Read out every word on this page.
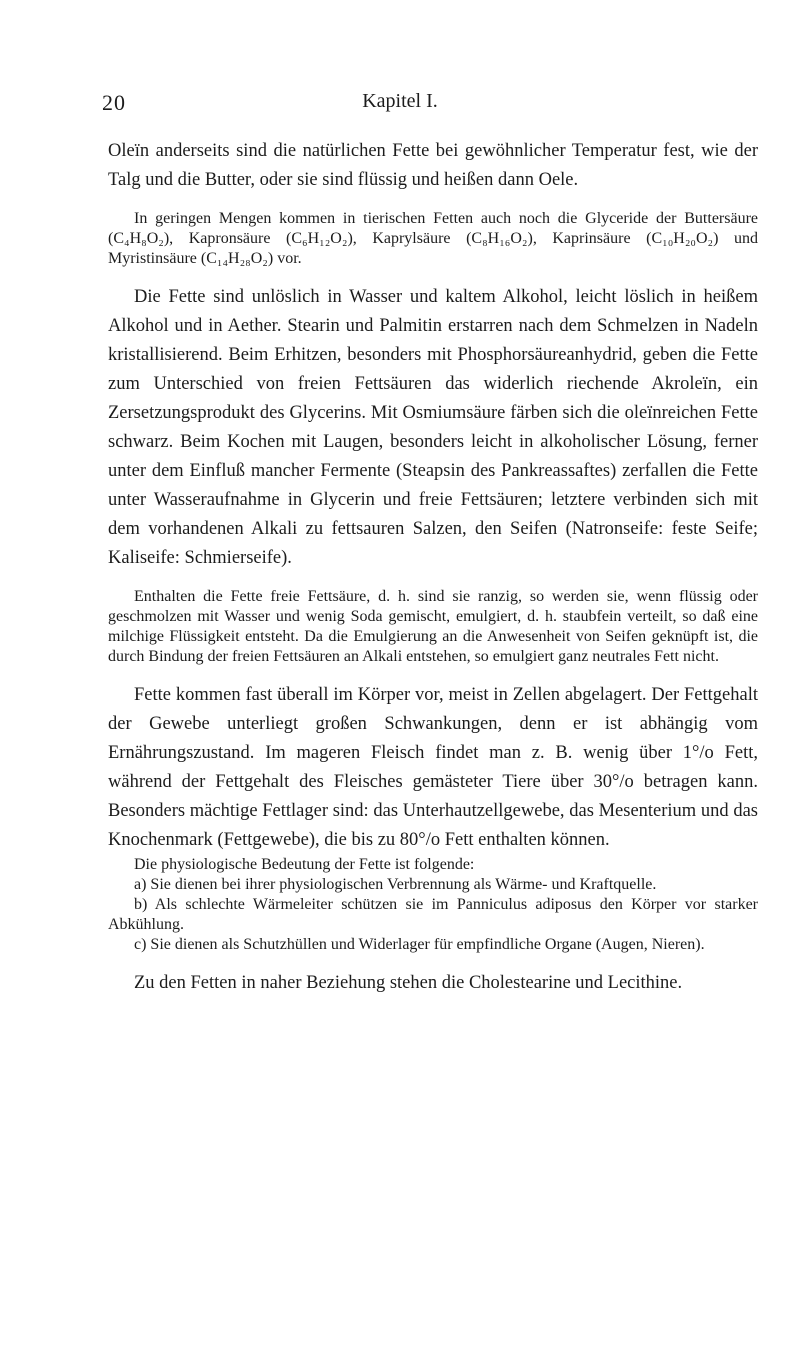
20	Kapitel I.

Oleïn anderseits sind die natürlichen Fette bei gewöhnlicher Temperatur fest, wie der Talg und die Butter, oder sie sind flüssig und heißen dann Oele.

In geringen Mengen kommen in tierischen Fetten auch noch die Glyceride der Buttersäure (C₄H₈O₂), Kapronsäure (C₆H₁₂O₂), Kaprylsäure (C₈H₁₆O₂), Kaprinsäure (C₁₀H₂₀O₂) und Myristinsäure (C₁₄H₂₈O₂) vor.

Die Fette sind unlöslich in Wasser und kaltem Alkohol, leicht löslich in heißem Alkohol und in Aether. Stearin und Palmitin erstarren nach dem Schmelzen in Nadeln kristallisierend. Beim Erhitzen, besonders mit Phosphorsäureanhydrid, geben die Fette zum Unterschied von freien Fettsäuren das widerlich riechende Akroleïn, ein Zersetzungsprodukt des Glycerins. Mit Osmiumsäure färben sich die oleïnreichen Fette schwarz. Beim Kochen mit Laugen, besonders leicht in alkoholischer Lösung, ferner unter dem Einfluß mancher Fermente (Steapsin des Pankreassaftes) zerfallen die Fette unter Wasseraufnahme in Glycerin und freie Fettsäuren; letztere verbinden sich mit dem vorhandenen Alkali zu fettsauren Salzen, den Seifen (Natronseife: feste Seife; Kaliseife: Schmierseife).

Enthalten die Fette freie Fettsäure, d. h. sind sie ranzig, so werden sie, wenn flüssig oder geschmolzen mit Wasser und wenig Soda gemischt, emulgiert, d. h. staubfein verteilt, so daß eine milchige Flüssigkeit entsteht. Da die Emulgierung an die Anwesenheit von Seifen geknüpft ist, die durch Bindung der freien Fettsäuren an Alkali entstehen, so emulgiert ganz neutrales Fett nicht.

Fette kommen fast überall im Körper vor, meist in Zellen abgelagert. Der Fettgehalt der Gewebe unterliegt großen Schwankungen, denn er ist abhängig vom Ernährungszustand. Im mageren Fleisch findet man z. B. wenig über 1°/o Fett, während der Fettgehalt des Fleisches gemästeter Tiere über 30°/o betragen kann. Besonders mächtige Fettlager sind: das Unterhautzellgewebe, das Mesenterium und das Knochenmark (Fettgewebe), die bis zu 80°/o Fett enthalten können.

Die physiologische Bedeutung der Fette ist folgende:

a) Sie dienen bei ihrer physiologischen Verbrennung als Wärme- und Kraftquelle.

b) Als schlechte Wärmeleiter schützen sie im Panniculus adiposus den Körper vor starker Abkühlung.

c) Sie dienen als Schutzhüllen und Widerlager für empfindliche Organe (Augen, Nieren).

Zu den Fetten in naher Beziehung stehen die Cholestearine und Lecithine.
